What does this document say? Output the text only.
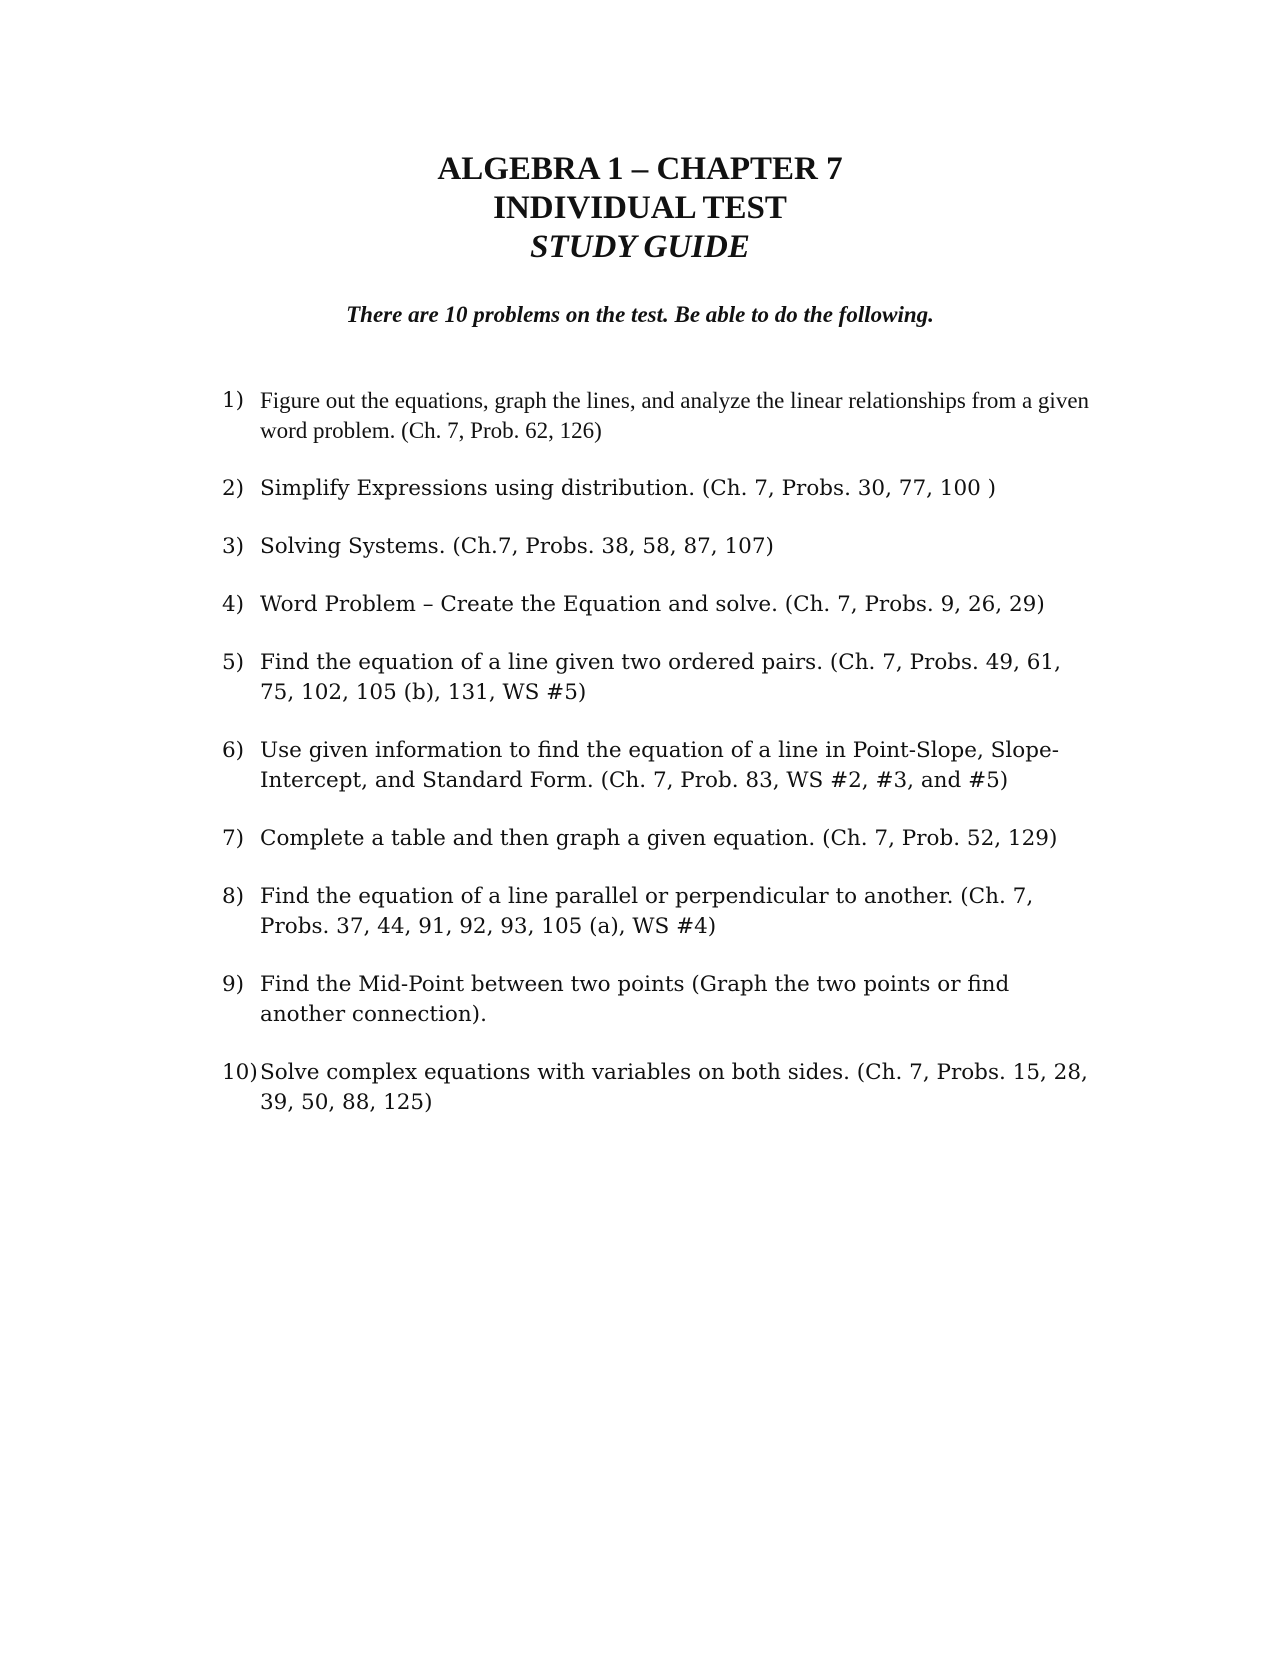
ALGEBRA 1 – CHAPTER 7
INDIVIDUAL TEST
STUDY GUIDE
There are 10 problems on the test. Be able to do the following.
1) Figure out the equations, graph the lines, and analyze the linear relationships from a given word problem. (Ch. 7, Prob. 62, 126)
2) Simplify Expressions using distribution. (Ch. 7, Probs. 30, 77, 100 )
3) Solving Systems. (Ch.7, Probs. 38, 58, 87, 107)
4) Word Problem – Create the Equation and solve. (Ch. 7, Probs. 9, 26, 29)
5) Find the equation of a line given two ordered pairs. (Ch. 7, Probs. 49, 61, 75, 102, 105 (b), 131, WS #5)
6) Use given information to find the equation of a line in Point-Slope, Slope-Intercept, and Standard Form. (Ch. 7, Prob. 83, WS #2, #3, and #5)
7) Complete a table and then graph a given equation. (Ch. 7, Prob. 52, 129)
8) Find the equation of a line parallel or perpendicular to another. (Ch. 7, Probs. 37, 44, 91, 92, 93, 105 (a), WS #4)
9) Find the Mid-Point between two points (Graph the two points or find another connection).
10) Solve complex equations with variables on both sides. (Ch. 7, Probs. 15, 28, 39, 50, 88, 125)
